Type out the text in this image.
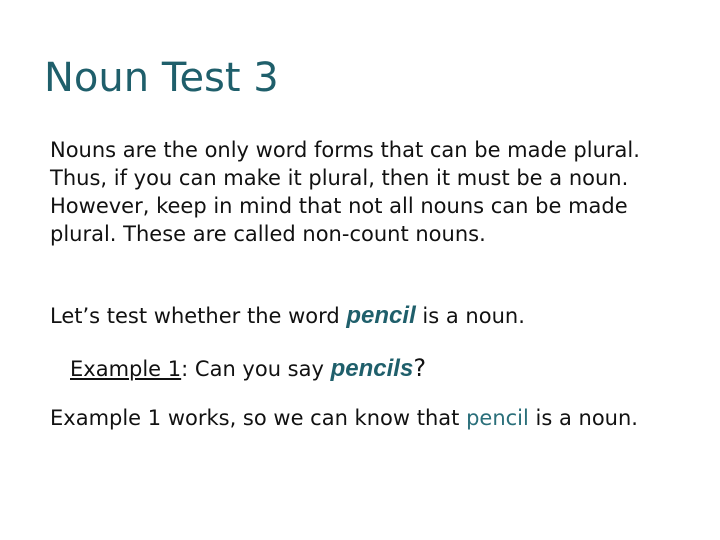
Noun Test 3
Nouns are the only word forms that can be made plural. Thus, if you can make it plural, then it must be a noun. However, keep in mind that not all nouns can be made plural. These are called non-count nouns.
Let’s test whether the word pencil is a noun.
Example 1: Can you say pencils?
Example 1 works, so we can know that pencil is a noun.
